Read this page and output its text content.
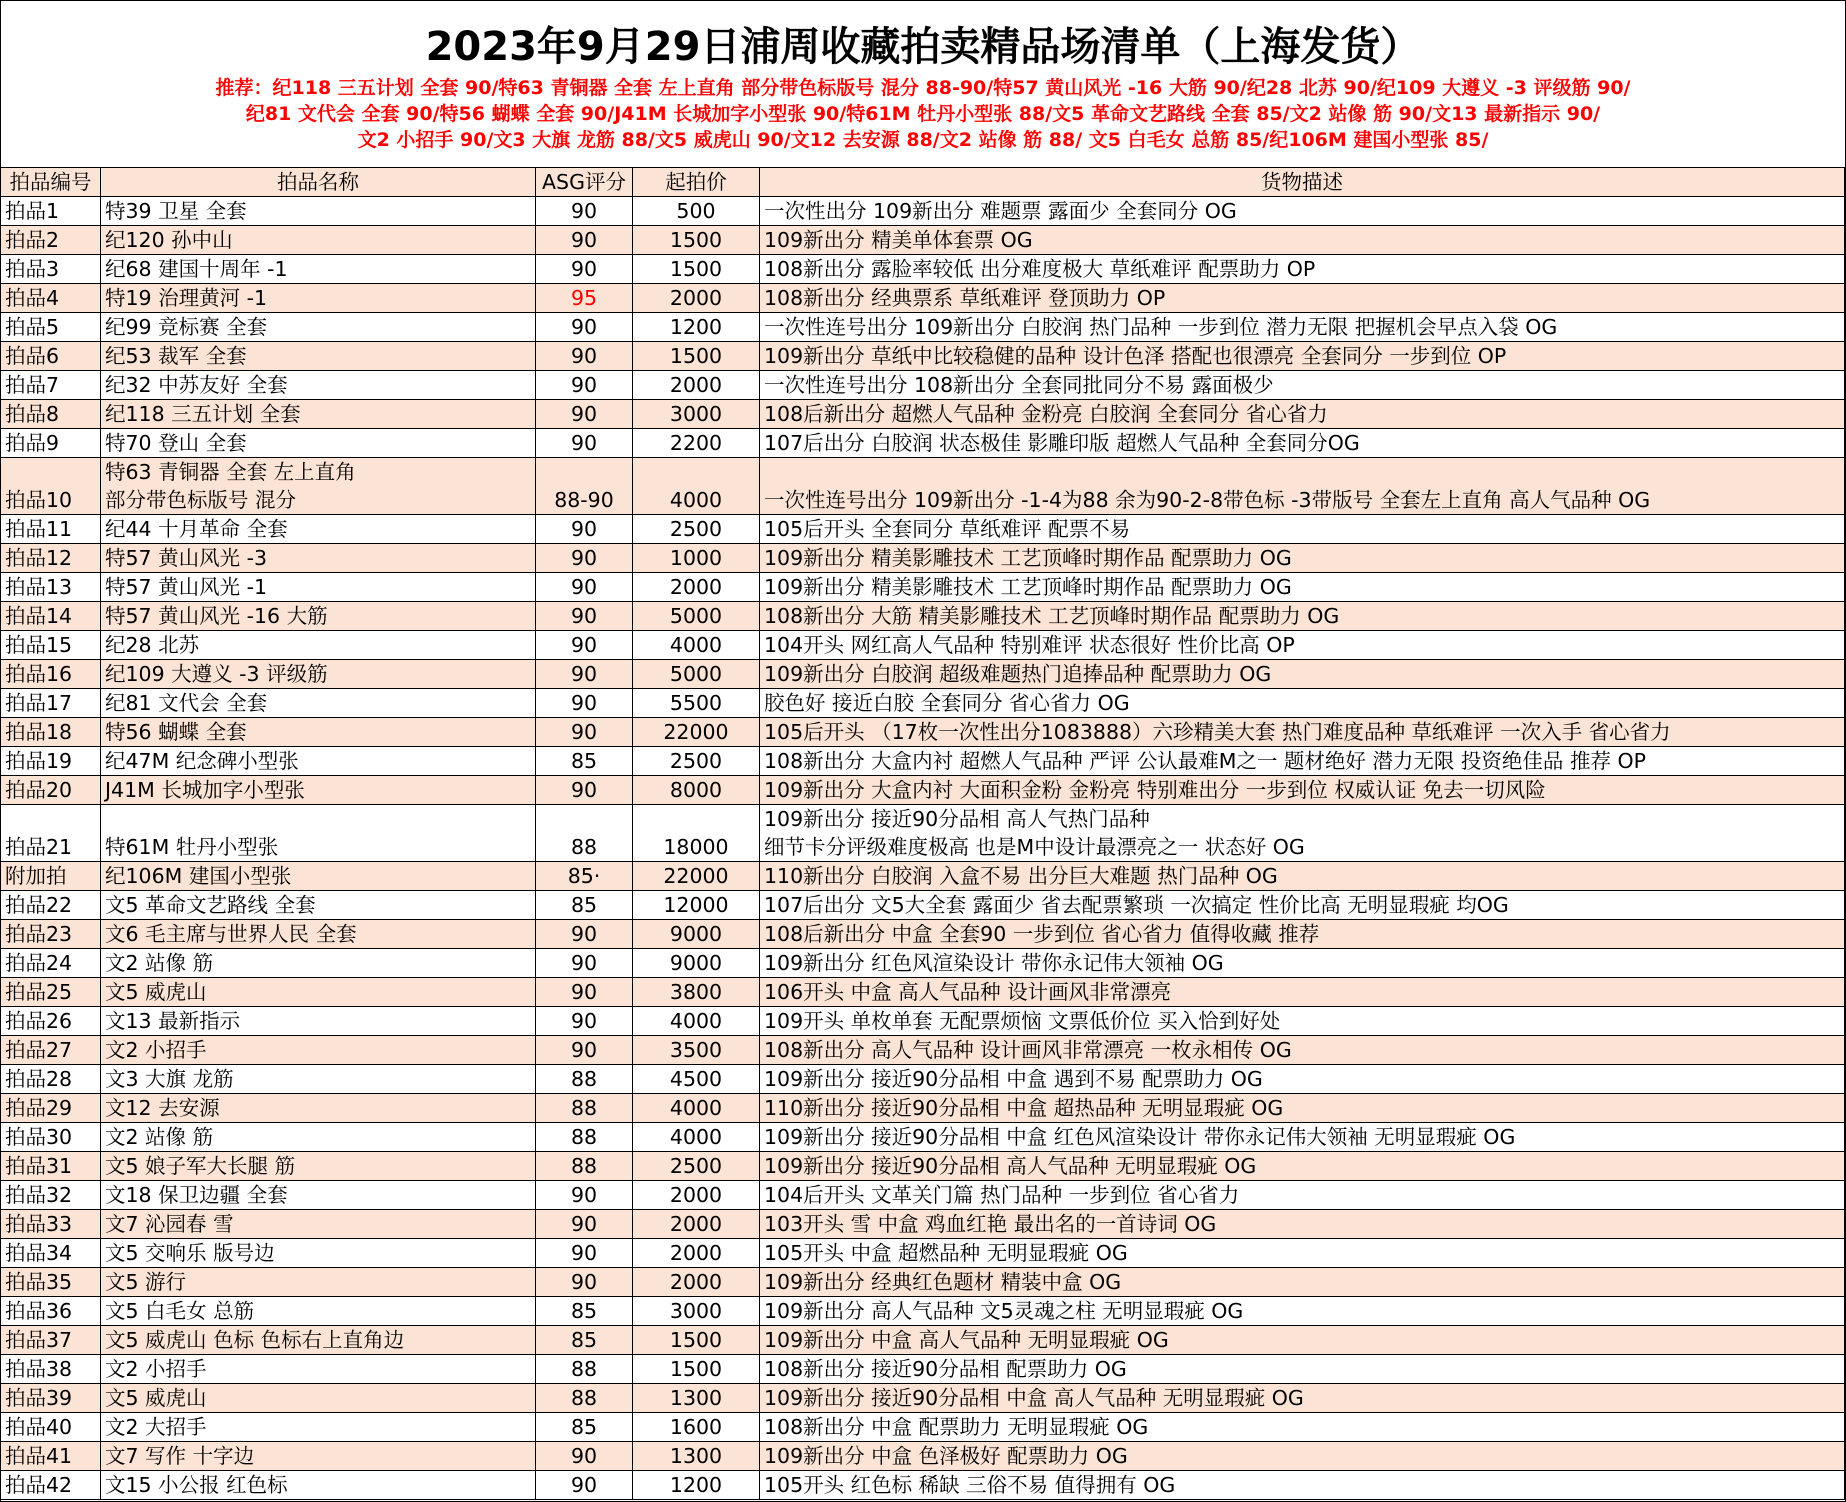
2023年9月29日浦周收藏拍卖精品场清单（上海发货）
推荐：纪118 三五计划 全套 90/特63 青铜器 全套 左上直角 部分带色标版号 混分 88-90/特57 黄山风光 -16 大筋 90/纪28 北苏 90/纪109 大遵义 -3 评级筋 90/
纪81 文代会 全套 90/特56 蝴蝶 全套 90/J41M 长城加字小型张 90/特61M 牡丹小型张 88/文5 革命文艺路线 全套 85/文2 站像 筋 90/文13 最新指示 90/
文2 小招手 90/文3 大旗 龙筋 88/文5 威虎山 90/文12 去安源 88/文2 站像 筋 88/ 文5 白毛女 总筋 85/纪106M 建国小型张 85/
拍品编号	拍品名称	ASG评分	起拍价	货物描述
拍品1	特39 卫星 全套	90	500	一次性出分 109新出分 难题票 露面少 全套同分 OG

拍品2	纪120 孙中山	90	1500	109新出分 精美单体套票 OG

拍品3	纪68 建国十周年 -1	90	1500	108新出分 露脸率较低 出分难度极大 草纸难评 配票助力 OP

拍品4	特19 治理黄河 -1	95	2000	108新出分 经典票系 草纸难评 登顶助力 OP

拍品5	纪99 竞标赛 全套	90	1200	一次性连号出分 109新出分 白胶润 热门品种 一步到位 潜力无限 把握机会早点入袋 OG

拍品6	纪53 裁军 全套	90	1500	109新出分 草纸中比较稳健的品种 设计色泽 搭配也很漂亮 全套同分 一步到位 OP

拍品7	纪32 中苏友好 全套	90	2000	一次性连号出分 108新出分 全套同批同分不易 露面极少

拍品8	纪118 三五计划 全套	90	3000	108后新出分 超燃人气品种 金粉亮 白胶润 全套同分 省心省力

拍品9	特70 登山 全套	90	2200	107后出分 白胶润 状态极佳 影雕印版 超燃人气品种 全套同分OG

拍品10	特63 青铜器 全套 左上直角
部分带色标版号 混分	88-90	4000	一次性连号出分 109新出分 -1-4为88 余为90-2-8带色标 -3带版号 全套左上直角 高人气品种 OG

拍品11	纪44 十月革命 全套	90	2500	105后开头 全套同分 草纸难评 配票不易

拍品12	特57 黄山风光 -3	90	1000	109新出分 精美影雕技术 工艺顶峰时期作品 配票助力 OG

拍品13	特57 黄山风光 -1	90	2000	109新出分 精美影雕技术 工艺顶峰时期作品 配票助力 OG

拍品14	特57 黄山风光 -16 大筋	90	5000	108新出分 大筋 精美影雕技术 工艺顶峰时期作品 配票助力 OG

拍品15	纪28 北苏	90	4000	104开头 网红高人气品种 特别难评 状态很好 性价比高 OP

拍品16	纪109 大遵义 -3 评级筋	90	5000	109新出分 白胶润 超级难题热门追捧品种 配票助力 OG

拍品17	纪81 文代会 全套	90	5500	胶色好 接近白胶 全套同分 省心省力 OG

拍品18	特56 蝴蝶 全套	90	22000	105后开头 （17枚一次性出分1083888）六珍精美大套 热门难度品种 草纸难评 一次入手 省心省力

拍品19	纪47M 纪念碑小型张	85	2500	108新出分 大盒内衬 超燃人气品种 严评 公认最难M之一 题材绝好 潜力无限 投资绝佳品 推荐 OP

拍品20	J41M 长城加字小型张	90	8000	109新出分 大盒内衬 大面积金粉 金粉亮 特别难出分 一步到位 权威认证 免去一切风险

拍品21	特61M 牡丹小型张	88	18000	109新出分 接近90分品相 高人气热门品种
细节卡分评级难度极高 也是M中设计最漂亮之一 状态好 OG

附加拍	纪106M 建国小型张	85·	22000	110新出分 白胶润 入盒不易 出分巨大难题 热门品种 OG

拍品22	文5 革命文艺路线 全套	85	12000	107后出分 文5大全套 露面少 省去配票繁琐 一次搞定 性价比高 无明显瑕疵 均OG

拍品23	文6 毛主席与世界人民 全套	90	9000	108后新出分 中盒 全套90 一步到位 省心省力 值得收藏 推荐

拍品24	文2 站像 筋	90	9000	109新出分 红色风渲染设计 带你永记伟大领袖 OG

拍品25	文5 威虎山	90	3800	106开头 中盒 高人气品种 设计画风非常漂亮

拍品26	文13 最新指示	90	4000	109开头 单枚单套 无配票烦恼 文票低价位 买入恰到好处

拍品27	文2 小招手	90	3500	108新出分 高人气品种 设计画风非常漂亮 一枚永相传 OG

拍品28	文3 大旗 龙筋	88	4500	109新出分 接近90分品相 中盒 遇到不易 配票助力 OG

拍品29	文12 去安源	88	4000	110新出分 接近90分品相 中盒 超热品种 无明显瑕疵 OG

拍品30	文2 站像 筋	88	4000	109新出分 接近90分品相 中盒 红色风渲染设计 带你永记伟大领袖 无明显瑕疵 OG

拍品31	文5 娘子军大长腿 筋	88	2500	109新出分 接近90分品相 高人气品种 无明显瑕疵 OG

拍品32	文18 保卫边疆 全套	90	2000	104后开头 文革关门篇 热门品种 一步到位 省心省力

拍品33	文7 沁园春 雪	90	2000	103开头 雪 中盒 鸡血红艳 最出名的一首诗词 OG

拍品34	文5 交响乐 版号边	90	2000	105开头 中盒 超燃品种 无明显瑕疵 OG

拍品35	文5 游行	90	2000	109新出分 经典红色题材 精装中盒 OG

拍品36	文5 白毛女 总筋	85	3000	109新出分 高人气品种 文5灵魂之柱 无明显瑕疵 OG

拍品37	文5 威虎山 色标 色标右上直角边	85	1500	109新出分 中盒 高人气品种 无明显瑕疵 OG

拍品38	文2 小招手	88	1500	108新出分 接近90分品相 配票助力 OG

拍品39	文5 威虎山	88	1300	109新出分 接近90分品相 中盒 高人气品种 无明显瑕疵 OG

拍品40	文2 大招手	85	1600	108新出分 中盒 配票助力 无明显瑕疵 OG

拍品41	文7 写作 十字边	90	1300	109新出分 中盒 色泽极好 配票助力 OG

拍品42	文15 小公报 红色标	90	1200	105开头 红色标 稀缺 三俗不易 值得拥有 OG
